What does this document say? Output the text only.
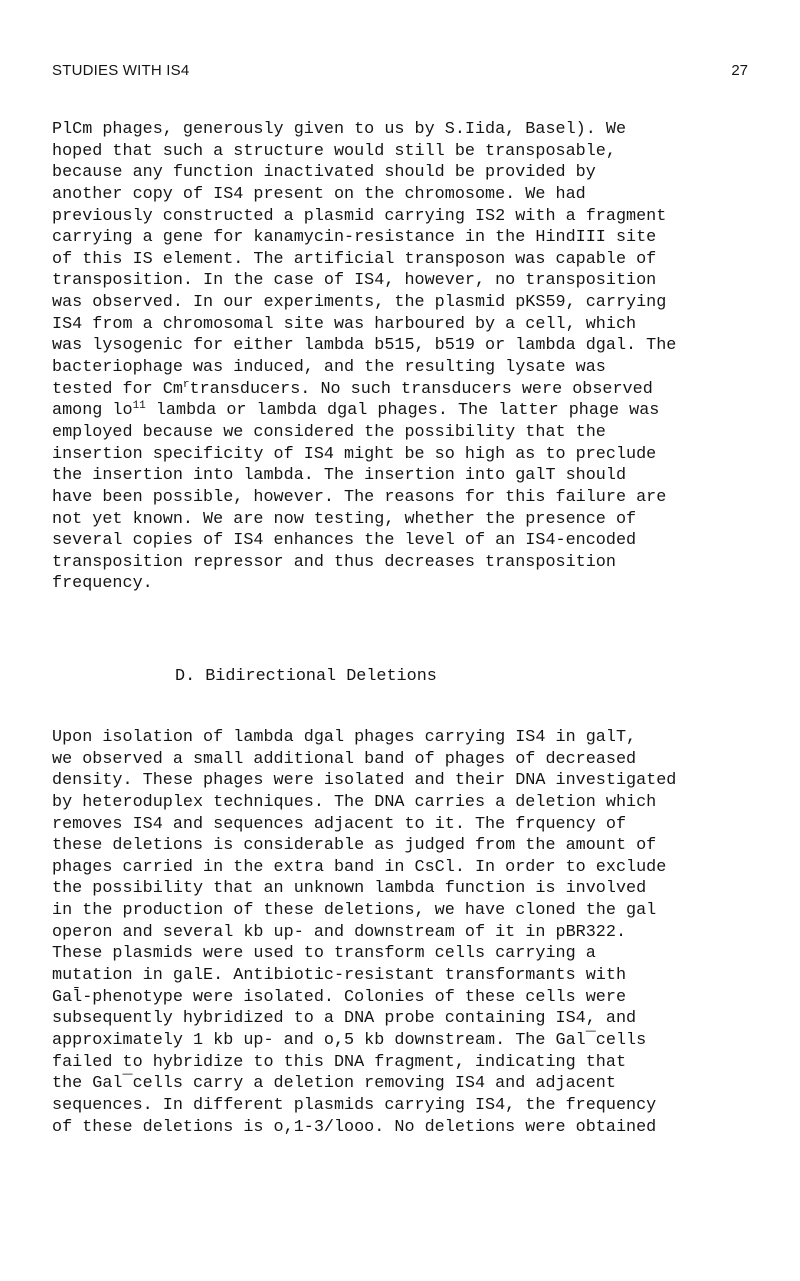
STUDIES WITH IS4	27
PlCm phages, generously given to us by S.Iida, Basel). We
hoped that such a structure would still be transposable,
because any function inactivated should be provided by
another copy of IS4 present on the chromosome. We had
previously constructed a plasmid carrying IS2 with a fragment
carrying a gene for kanamycin-resistance in the HindIII site
of this IS element. The artificial transposon was capable of
transposition. In the case of IS4, however, no transposition
was observed. In our experiments, the plasmid pKS59, carrying
IS4 from a chromosomal site was harboured by a cell, which
was lysogenic for either lambda b515, b519 or lambda dgal. The
bacteriophage was induced, and the resulting lysate was
tested for Cm$^r$transducers. No such transducers were observed
among $lo^{11}$ lambda or lambda dgal phages. The latter phage was
employed because we considered the possibility that the
insertion specificity of IS4 might be so high as to preclude
the insertion into lambda. The insertion into galT should
have been possible, however. The reasons for this failure are
not yet known. We are now testing, whether the presence of
several copies of IS4 enhances the level of an IS4-encoded
transposition repressor and thus decreases transposition
frequency.
D. Bidirectional Deletions
Upon isolation of lambda dgal phages carrying IS4 in galT,
we observed a small additional band of phages of decreased
density. These phages were isolated and their DNA investigated
by heteroduplex techniques. The DNA carries a deletion which
removes IS4 and sequences adjacent to it. The frquency of
these deletions is considerable as judged from the amount of
phages carried in the extra band in CsCl. In order to exclude
the possibility that an unknown lambda function is involved
in the production of these deletions, we have cloned the gal
operon and several kb up- and downstream of it in pBR322.
These plasmids were used to transform cells carrying a
mutation in galE. Antibiotic-resistant transformants with
Gal̄-phenotype were isolated. Colonies of these cells were
subsequently hybridized to a DNA probe containing IS4, and
approximately 1 kb up- and o,5 kb downstream. The Gal¯cells
failed to hybridize to this DNA fragment, indicating that
the Gal¯cells carry a deletion removing IS4 and adjacent
sequences. In different plasmids carrying IS4, the frequency
of these deletions is o,1-3/looo. No deletions were obtained
